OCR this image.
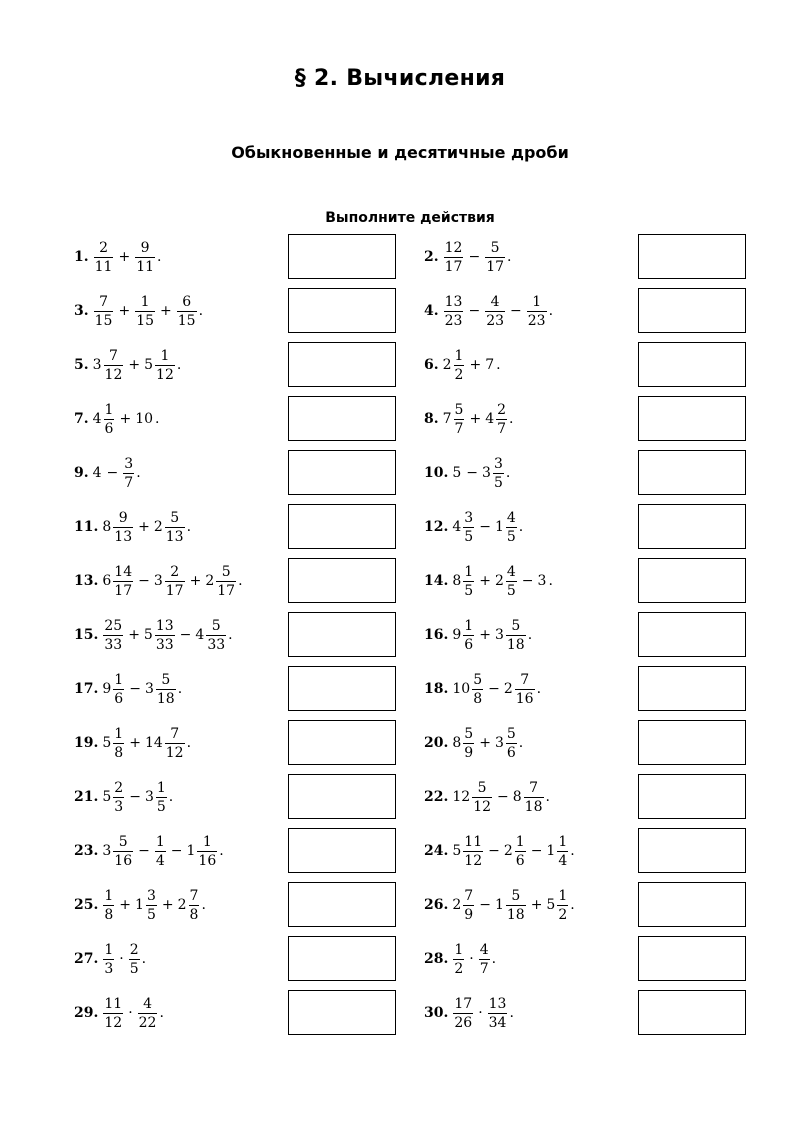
§ 2. Вычисления
Обыкновенные и десятичные дроби
Выполните действия
1. $\frac{2}{11} + \frac{9}{11}$ .	2. $\frac{12}{17} - \frac{5}{17}$ .
3. $\frac{7}{15} + \frac{1}{15} + \frac{6}{15}$ .	4. $\frac{13}{23} - \frac{4}{23} - \frac{1}{23}$ .
5. $3 \frac{7}{12} + 5 \frac{1}{12}$ .	6. $2 \frac{1}{2} + 7$ .
7. $4 \frac{1}{6} + 10$ .	8. $7 \frac{5}{7} + 4 \frac{2}{7}$ .
9. $4 - \frac{3}{7}$ .	10. $5 - 3 \frac{3}{5}$ .
11. $8 \frac{9}{13} + 2 \frac{5}{13}$ .	12. $4 \frac{3}{5} - 1 \frac{4}{5}$ .
13. $6 \frac{14}{17} - 3 \frac{2}{17} + 2 \frac{5}{17}$ .	14. $8 \frac{1}{5} + 2 \frac{4}{5} - 3$ .
15. $\frac{25}{33} + 5 \frac{13}{33} - 4 \frac{5}{33}$ .	16. $9 \frac{1}{6} + 3 \frac{5}{18}$ .
17. $9 \frac{1}{6} - 3 \frac{5}{18}$ .	18. $10 \frac{5}{8} - 2 \frac{7}{16}$ .
19. $5 \frac{1}{8} + 14 \frac{7}{12}$ .	20. $8 \frac{5}{9} + 3 \frac{5}{6}$ .
21. $5 \frac{2}{3} - 3 \frac{1}{5}$ .	22. $12 \frac{5}{12} - 8 \frac{7}{18}$ .
23. $3 \frac{5}{16} - \frac{1}{4} - 1 \frac{1}{16}$ .	24. $5 \frac{11}{12} - 2 \frac{1}{6} - 1 \frac{1}{4}$ .
25. $\frac{1}{8} + 1 \frac{3}{5} + 2 \frac{7}{8}$ .	26. $2 \frac{7}{9} - 1 \frac{5}{18} + 5 \frac{1}{2}$ .
27. $\frac{1}{3} \cdot \frac{2}{5}$ .	28. $\frac{1}{2} \cdot \frac{4}{7}$ .
29. $\frac{11}{12} \cdot \frac{4}{22}$ .	30. $\frac{17}{26} \cdot \frac{13}{34}$ .
